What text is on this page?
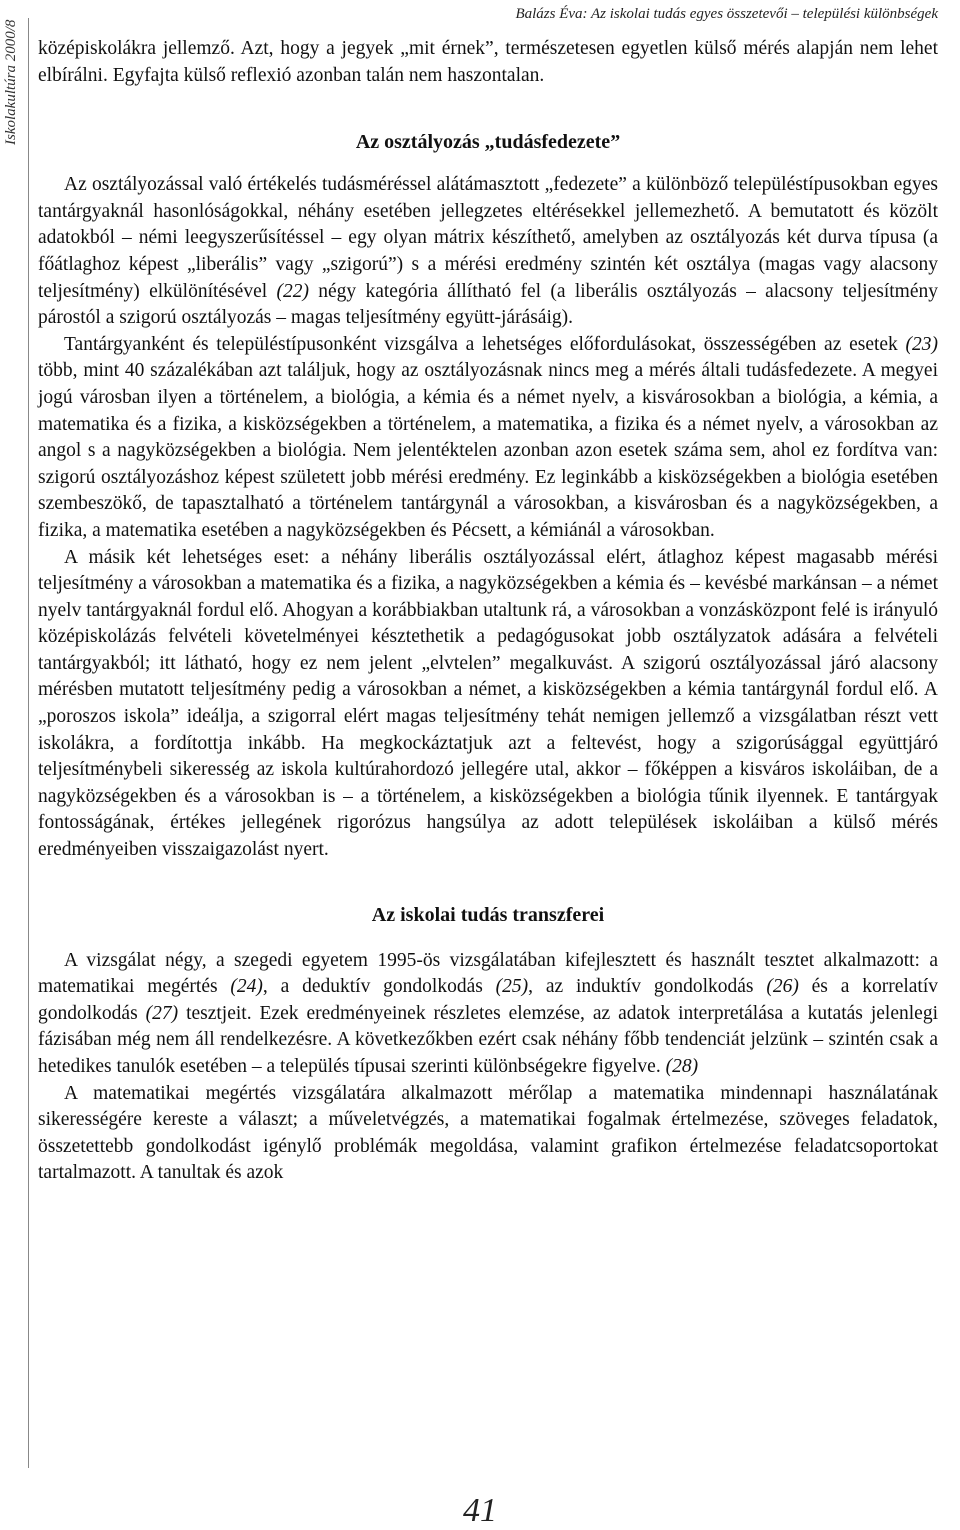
Balázs Éva: Az iskolai tudás egyes összetevői – települési különbségek
Iskolakultúra 2000/8 középiskolákra jellemző. Azt, hogy a jegyek „mit érnek”, természetesen egyetlen külső mérés alapján nem lehet elbírálni. Egyfajta külső reflexió azonban talán nem haszontalan.

Az osztályozás „tudásfedezete”

Az osztályozással való értékelés tudásméréssel alátámasztott „fedezete” a különböző településtípusokban egyes tantárgyaknál hasonlóságokkal, néhány esetében jellegzetes eltérésekkel jellemezhető. A bemutatott és közölt adatokból – némi leegyszerűsítéssel – egy olyan mátrix készíthető, amelyben az osztályozás két durva típusa (a főátlaghoz képest „liberális” vagy „szigorú”) s a mérési eredmény szintén két osztálya (magas vagy alacsony teljesítmény) elkülönítésével (22) négy kategória állítható fel (a liberális osztályozás – alacsony teljesítmény párostól a szigorú osztályozás – magas teljesítmény együtt-járásáig).

Tantárgyanként és településtípusonként vizsgálva a lehetséges előfordulásokat, összességében az esetek (23) több, mint 40 százalékában azt találjuk, hogy az osztályozásnak nincs meg a mérés általi tudásfedezete. A megyei jogú városban ilyen a történelem, a biológia, a kémia és a német nyelv, a kisvárosokban a biológia, a kémia, a matematika és a fizika, a kisközségekben a történelem, a matematika, a fizika és a német nyelv, a városokban az angol s a nagyközségekben a biológia. Nem jelentéktelen azonban azon esetek száma sem, ahol ez fordítva van: szigorú osztályozáshoz képest született jobb mérési eredmény. Ez leginkább a kisközségekben a biológia esetében szembeszökő, de tapasztalható a történelem tantárgynál a városokban, a kisvárosban és a nagyközségekben, a fizika, a matematika esetében a nagyközségekben és Pécsett, a kémiánál a városokban.

A másik két lehetséges eset: a néhány liberális osztályozással elért, átlaghoz képest magasabb mérési teljesítmény a városokban a matematika és a fizika, a nagyközségekben a kémia és – kevésbé markánsan – a német nyelv tantárgyaknál fordul elő. Ahogyan a korábbiakban utaltunk rá, a városokban a vonzásközpont felé is irányuló középiskolázás felvételi követelményei késztethetik a pedagógusokat jobb osztályzatok adására a felvételi tantárgyakból; itt látható, hogy ez nem jelent „elvtelen” megalkuvást. A szigorú osztályozással járó alacsony mérésben mutatott teljesítmény pedig a városokban a német, a kisközségekben a kémia tantárgynál fordul elő. A „poroszos iskola” ideálja, a szigorral elért magas teljesítmény tehát nemigen jellemző a vizsgálatban részt vett iskolákra, a fordítottja inkább. Ha megkockáztatjuk azt a feltevést, hogy a szigorúsággal együttjáró teljesítménybeli sikeresség az iskola kultúrahordozó jellegére utal, akkor – főképpen a kisváros iskoláiban, de a nagyközségekben és a városokban is – a történelem, a kisközségekben a biológia tűnik ilyennek. E tantárgyak fontosságának, értékes jellegének rigorózus hangsúlya az adott települések iskoláiban a külső mérés eredményeiben visszaigazolást nyert.

Az iskolai tudás transzferei

A vizsgálat négy, a szegedi egyetem 1995-ös vizsgálatában kifejlesztett és használt tesztet alkalmazott: a matematikai megértés (24), a deduktív gondolkodás (25), az induktív gondolkodás (26) és a korrelatív gondolkodás (27) tesztjeit. Ezek eredményeinek részletes elemzése, az adatok interpretálása a kutatás jelenlegi fázisában még nem áll rendelkezésre. A következőkben ezért csak néhány főbb tendenciát jelzünk – szintén csak a hetedikes tanulók esetében – a település típusai szerinti különbségekre figyelve. (28)

A matematikai megértés vizsgálatára alkalmazott mérőlap a matematika mindennapi használatának sikerességére kereste a választ; a műveletvégzés, a matematikai fogalmak értelmezése, szöveges feladatok, összetettebb gondolkodást igénylő problémák megoldása, valamint grafikon értelmezése feladatcsoportokat tartalmazott. A tanultak és azok

41
